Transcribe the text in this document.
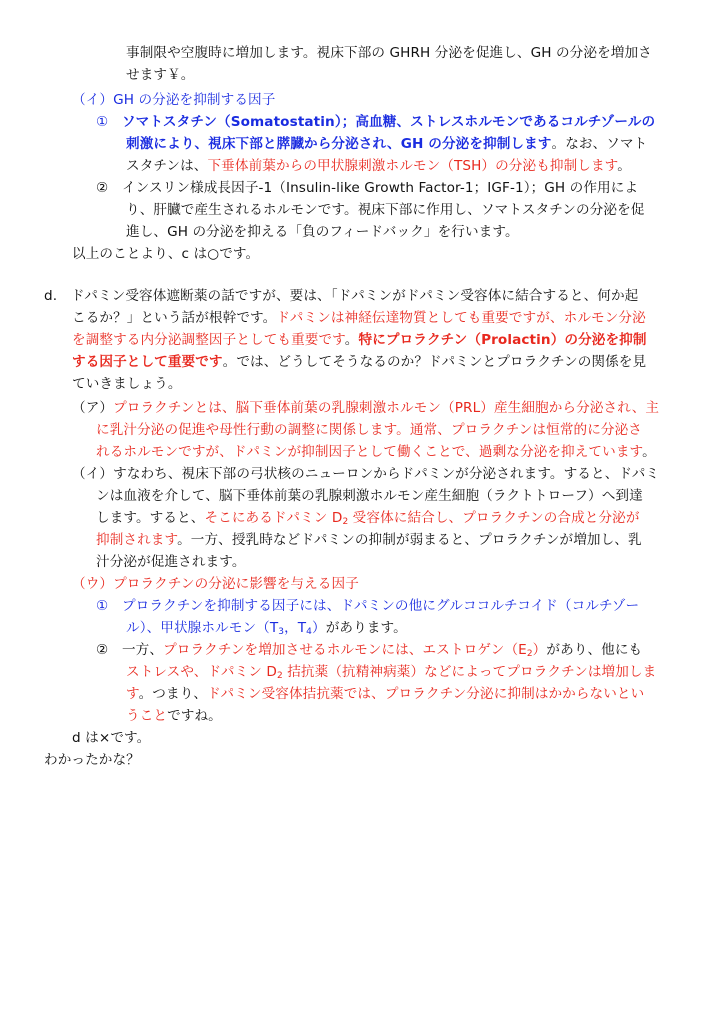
事制限や空腹時に増加します。視床下部の GHRH 分泌を促進し、GH の分泌を増加さ
せます￥。
（イ）GH の分泌を抑制する因子
①　ソマトスタチン（Somatostatin）；高血糖、ストレスホルモンであるコルチゾールの
刺激により、視床下部と膵臓から分泌され、GH の分泌を抑制します。なお、ソマト
スタチンは、下垂体前葉からの甲状腺刺激ホルモン（TSH）の分泌も抑制します。
②　インスリン様成長因子-1（Insulin-like Growth Factor-1；IGF-1）；GH の作用によ
り、肝臓で産生されるホルモンです。視床下部に作用し、ソマトスタチンの分泌を促
進し、GH の分泌を抑える「負のフィードバック」を行います。
以上のことより、c は○です。
d.　ドパミン受容体遮断薬の話ですが、要は、「ドパミンがドパミン受容体に結合すると、何か起
こるか？」という話が根幹です。ドパミンは神経伝達物質としても重要ですが、ホルモン分泌
を調整する内分泌調整因子としても重要です。特にプロラクチン（Prolactin）の分泌を抑制
する因子として重要です。では、どうしてそうなるのか？ドパミンとプロラクチンの関係を見
ていきましょう。
（ア）プロラクチンとは、脳下垂体前葉の乳腺刺激ホルモン（PRL）産生細胞から分泌され、主
に乳汁分泌の促進や母性行動の調整に関係します。通常、プロラクチンは恒常的に分泌さ
れるホルモンですが、ドパミンが抑制因子として働くことで、過剰な分泌を抑えています。
（イ）すなわち、視床下部の弓状核のニューロンからドパミンが分泌されます。すると、ドパミ
ンは血液を介して、脳下垂体前葉の乳腺刺激ホルモン産生細胞（ラクトトローフ）へ到達
します。すると、そこにあるドパミン $D_2$ 受容体に結合し、プロラクチンの合成と分泌が
抑制されます。一方、授乳時などドパミンの抑制が弱まると、プロラクチンが増加し、乳
汁分泌が促進されます。
（ウ）プロラクチンの分泌に影響を与える因子
①　プロラクチンを抑制する因子には、ドパミンの他にグルココルチコイド（コルチゾー
ル）、甲状腺ホルモン（$T_3$，$T_4$）があります。
②　一方、プロラクチンを増加させるホルモンには、エストロゲン$(E_2)$があり、他にも
ストレスや、ドパミン $D_2$ 拮抗薬（抗精神病薬）などによってプロラクチンは増加しま
す。つまり、ドパミン受容体拮抗薬では、プロラクチン分泌に抑制はかからないとい
うことですね。
d は×です。
わかったかな？
